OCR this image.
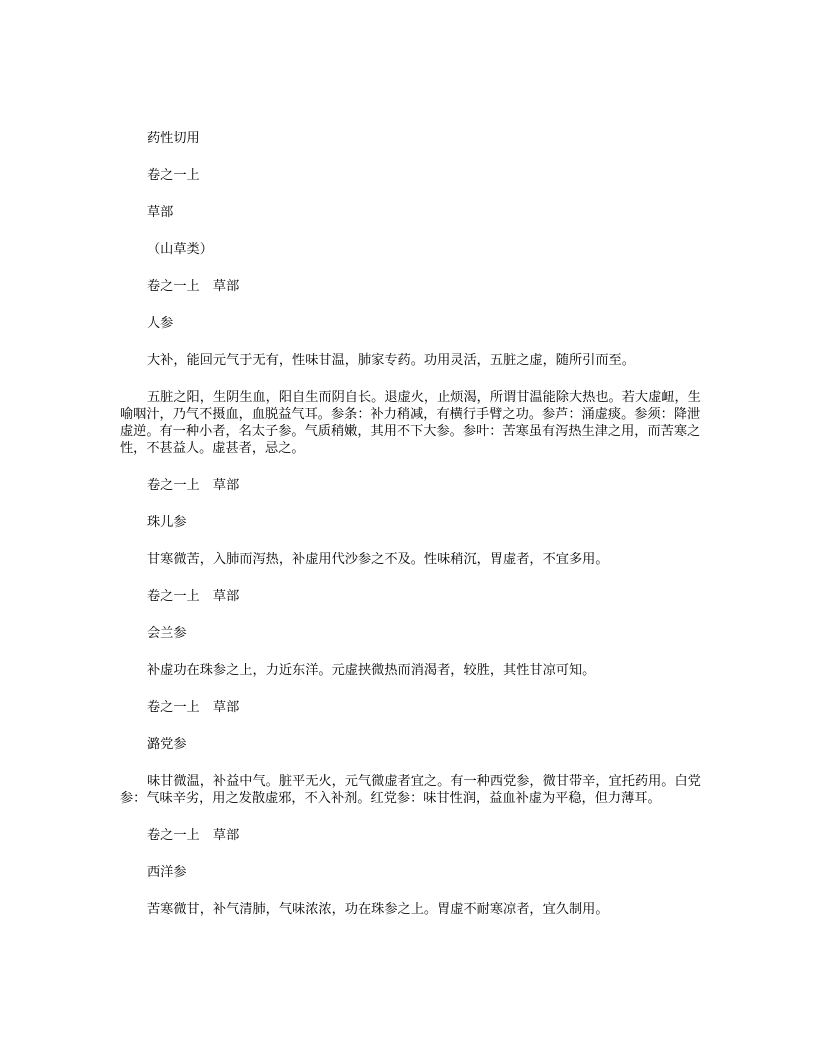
药性切用

卷之一上

草部

（山草类）

卷之一上　草部

人参

大补，能回元气于无有，性味甘温，肺家专药。功用灵活，五脏之虚，随所引而至。

五脏之阳，生阴生血，阳自生而阴自长。退虚火，止烦渴，所谓甘温能除大热也。若大虚衄，生喻咽汁，乃气不摄血，血脱益气耳。参条：补力稍减，有横行手臂之功。参芦：涌虚痰。参须：降泄虚逆。有一种小者，名太子参。气质稍嫩，其用不下大参。参叶：苦寒虽有泻热生津之用，而苦寒之性，不甚益人。虚甚者，忌之。

卷之一上　草部

珠儿参

甘寒微苦，入肺而泻热，补虚用代沙参之不及。性味稍沉，胃虚者，不宜多用。

卷之一上　草部

会兰参

补虚功在珠参之上，力近东洋。元虚挟微热而消渴者，较胜，其性甘凉可知。

卷之一上　草部

潞党参

味甘微温，补益中气。脏平无火，元气微虚者宜之。有一种西党参，微甘带辛，宜托药用。白党参：气味辛劣，用之发散虚邪，不入补剂。红党参：味甘性润，益血补虚为平稳，但力薄耳。

卷之一上　草部

西洋参

苦寒微甘，补气清肺，气味浓浓，功在珠参之上。胃虚不耐寒凉者，宜久制用。
